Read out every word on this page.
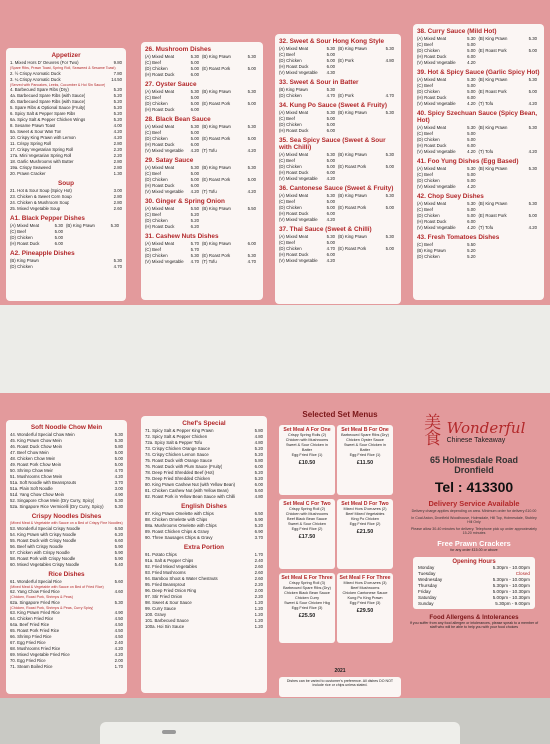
Appetizer
1. Mixed Hors D' Oeuvres (For Two)	9.80
(Spare Ribs, Prawn Toast, Spring Roll, Seaweed & Sesame Toast)
2. ½ Crispy Aromatic Duck	7.80
3. ¼ Crispy Aromatic Duck	14.50
(Served with Pancakes, Leeks, Cucumber & Hoi Sin Sauce)
4. Barbecued Spare Ribs (Dry)	5.20
4a. Barbecued Spare Ribs (with Sauce)	5.20
4b. Barbecued Spare Ribs (with Sauce)	5.20
5. Spare Ribs & Optional Sauce (Fruity)	5.20
6. Spicy Salt & Pepper Spare Ribs	5.20
6a. Spicy Salt & Pepper Chicken Wings	5.20
8. Sesame Prawn Toast	4.00
8a. Sweet & Sour Wan Ton	4.20
10. Crispy King Prawn with Lemon	4.20
11. Crispy Spring Roll	2.80
17. Crispy Vegetarian Spring Roll	2.20
17a. Mini Vegetarian Spring Roll	2.20
18. Garlic Mushrooms with Butter	2.80
19a. Crispy Seaweed	2.80
20. Prawn Cracker	1.30
Soup
21. Hot & Sour Soup (Spicy Hot)	3.00
23. Chicken & Sweet Corn Soup	2.80
24. Chicken & Mushroom Soup	2.80
25. Mixed Vegetable Soup	2.60
A1. Black Pepper Dishes
(A) Mixed Meat	5.30 (B) King Prawn	5.30
(C) Beef	5.00
(D) Chicken	5.00
(H) Roast Duck	6.00
A2. Pineapple Dishes
(B) King Prawn	5.30
(D) Chicken	4.70
26. Mushroom Dishes
(A) Mixed Meat	5.30 (B) King Prawn	5.30
(C) Beef	5.00
(D) Chicken	5.00 (E) Roast Pork	5.00
(H) Roast Duck	6.00
27. Oyster Sauce
(A) Mixed Meat	5.30 (B) King Prawn	5.30
(C) Beef	5.00
(D) Chicken	5.00 (E) Roast Pork	5.00
(H) Roast Duck	6.00
28. Black Bean Sauce
(A) Mixed Meat	5.30 (B) King Prawn	5.30
(C) Beef	5.00
(D) Chicken	5.00 (E) Roast Pork	5.00
(H) Roast Duck	6.00
(V) Mixed Vegetable 4.20 (T) Tofu	4.20
29. Satay Sauce
(A) Mixed Meat	5.30 (B) King Prawn	5.30
(C) Beef	5.00
(D) Chicken	5.00 (E) Roast Pork	5.00
(H) Roast Duck	6.00
(V) Mixed Vegetable 4.20 (T) Tofu	4.20
30. Ginger & Spring Onion
(A) Mixed Meat	5.50 (B) King Prawn	5.50
(C) Beef	5.20
(D) Chicken	5.20
(H) Roast Duck	6.20
31. Cashew Nuts Dishes
(A) Mixed Meat	5.70 (B) King Prawn	6.00
(C) Beef	5.70
(D) Chicken	5.30 (E) Roast Pork	5.30
(V) Mixed Vegetable 4.70 (T) Tofu	4.70
32. Sweet & Sour Hong Kong Style
(A) Mixed Meat	5.30 (B) King Prawn	5.30
(C) Beef	5.00
(D) Chicken	5.00 (E) Pork	4.80
(H) Roast Duck	6.00
(V) Mixed Vegetable 4.30
33. Sweet & Sour in Batter
(B) King Prawn	5.30
(D) Chicken	4.70 (E) Pork	4.70
34. Kung Po Sauce (Sweet & Fruity)
(A) Mixed Meat	5.30 (B) King Prawn	5.30
(C) Beef	5.00
(D) Chicken	5.00
(H) Roast Duck	6.00
35. Sea Spicy Sauce (Sweet & Sour with Chilli)
(A) Mixed Meat	5.30 (B) King Prawn	5.30
(C) Beef	5.00
(D) Chicken	5.00 (E) Roast Pork	5.00
(H) Roast Duck	6.00
(V) Mixed Vegetable 4.20
36. Cantonese Sauce (Sweet & Fruity)
(A) Mixed Meat	5.30 (B) King Prawn	5.30
(C) Beef	5.00
(D) Chicken	5.00 (E) Roast Pork	5.00
(H) Roast Duck	6.00
(V) Mixed Vegetable 4.20
37. Thai Sauce (Sweet & Chilli)
(A) Mixed Meat	5.30 (B) King Prawn	5.30
(C) Beef	5.00
(D) Chicken	4.70 (E) Roast Pork	5.00
(H) Roast Duck	6.00
(V) Mixed Vegetable 4.20
38. Curry Sauce (Mild Hot)
(A) Mixed Meat	5.30 (B) King Prawn	5.30
(C) Beef	5.00
(D) Chicken	5.00 (E) Roast Pork	5.00
(H) Roast Duck	6.00
(V) Mixed Vegetable	4.20
39. Hot & Spicy Sauce (Garlic Spicy Hot)
(A) Mixed Meat	5.30 (B) King Prawn	5.30
(C) Beef	5.00
(D) Chicken	5.00 (E) Roast Pork	5.00
(H) Roast Duck	6.00
(V) Mixed Vegetable	4.20 (T) Tofu	4.20
40. Spicy Szechuan Sauce (Spicy Bean, Hot)
(A) Mixed Meat	5.30 (B) King Prawn	5.30
(C) Beef	5.00
(D) Chicken	5.00
(H) Roast Duck	6.00
(V) Mixed Vegetable	4.20 (T) Tofu	4.20
41. Foo Yung Dishes (Egg Based)
(A) Mixed Meat	5.30 (B) King Prawn	5.30
(C) Beef	5.00
(D) Chicken	5.00
(V) Mixed Vegetable	4.20
42. Chop Suey Dishes
(A) Mixed Meat	5.30 (B) King Prawn	5.30
(C) Beef	5.00
(D) Chicken	5.00 (E) Roast Pork	5.00
(H) Roast Duck	6.00
(V) Mixed Vegetable	4.20 (T) Tofu	4.20
43. Fresh Tomatoes Dishes
(C) Beef	5.50
(B) King Prawn	5.20
(D) Chicken	5.20
Soft Noodle Chow Mein
44. Wonderful Special Chow Mein	5.30
45. King Prawn Chow Mein	5.30
46. Roast Duck Chow Mein	5.80
47. Beef Chow Mein	5.00
48. Chicken Chow Mein	5.00
49. Roast Pork Chow Mein	5.00
50. Shrimp Chow Mein	4.70
51. Mushrooms Chow Mein	4.20
51a. Soft Noodle with Beansprouts	3.70
51a. Plain Soft Noodle	3.00
51d. Yang Chow Chow Mein	4.90
52. Singapore Chow Mein (Dry Curry, Spicy)	5.30
52a. Singapore Rice Vermicelli (Dry Curry, Spicy)	5.30
Crispy Noodles Dishes
(Mixed Meat & Vegetable with Sauce on a Bed of Crispy Fine Noodles)
53. Wonderful Special Crispy Noodle	6.50
54. King Prawn with Crispy Noodle	6.20
55. Roast Duck with Crispy Noodle	6.60
56. Beef with Crispy Noodle	5.90
57. Chicken with Crispy Noodle	5.90
58. Roast Pork with Crispy Noodle	5.90
60. Mixed Vegetables Crispy Noodle	5.40
Rice Dishes
61. Wonderful Special Rice	5.60
(Mixed Meat & Vegetable with Sauce on Bed of Fried Rice)
62. Yang Chow Fried Rice	4.60
(Chicken, Roast Pork, Shrimps & Peas)
62a. Singapore Fried Rice	5.30
(Chicken, Roast Pork, Shrimps & Peas, Curry Spicy)
63. King Prawn Fried Rice	4.90
64. Chicken Fried Rice	4.50
64a. Beef Fried Rice	4.50
65. Roast Pork Fried Rice	4.50
66. Shrimp Fried Rice	4.50
67. Egg Fried Rice	2.40
68. Mushrooms Fried Rice	4.20
69. Mixed Vegetable Fried Rice	4.20
70. Egg Fried Rice	2.00
71. Steam Boiled Rice	1.70
Chef's Special
71. Spicy Salt & Pepper King Prawn	5.80
72. Spicy Salt & Pepper Chicken	4.80
72a. Spicy Salt & Pepper Tofu	4.80
73. Crispy Chicken Orange Sauce	5.20
74. Crispy Chicken Lemon Sauce	5.20
75. Roast Duck with Orange Sauce	5.80
76. Roast Duck with Plum Sauce (Fruity)	6.00
78. Deep Fried Shredded Beef (Hot)	5.20
79. Deep Fried Shredded Chicken	5.20
80. King Prawn Cashew Nut (with Yellow Bean)	6.00
81. Chicken Cashew Nut (with Yellow Bean)	5.60
82. Roast Pork in Yellow Bean Sauce with Chilli	4.80
English Dishes
87. King Prawn Omelette with Chips	6.50
88. Chicken Omelette with Chips	5.90
88a. Mushrooms Omelette with Chips	5.20
89. Roast Chicken Chips & Gravy	6.90
90. Three Sausages Chips & Gravy	3.70
Extra Portion
91. Potato Chips	1.70
91a. Salt & Pepper Chips	2.40
92. Fried Mixed Vegetables	2.60
93. Fried Mushrooms	2.60
94. Bamboo Shoot & Water Chestnuts	2.60
95. Fried Beansprout	2.20
96. Deep Fried Onion Ring	2.00
97. Stir Fried Onion	2.20
98. Sweet & Sour Sauce	1.20
99. Curry Sauce	1.20
100. Gravy	1.20
101. Barbecued Sauce	1.20
100a. Hoi Sin Sauce	1.20
Selected Set Menus
Set Meal A For One
Crispy Spring Rolls (2)
Chicken with Mushrooms
Sweet & Sour Chicken in Batter
Egg Fried Rice (1)
£10.50
Set Meal B For One
Barbecued Spare Ribs (Dry)
Chicken Oyster Sauce
Sweet & Sour Chicken in Batter
Egg Fried Rice (1)
£11.50
Set Meal C For Two
Crispy Spring Roll (2)
Chicken with Mushrooms
Beef Black Bean Sauce
Sweet & Sour Chicken
Egg Fried Rice (2)
£17.50
Set Meal D For Two
Mixed Hors D'oeuvres (2)
Beef Mixed Vegetables
King Po Chicken
Egg Fried Rice (2)
£21.50
Set Meal E For Three
Crispy Spring Roll (3)
Barbecued Spare Ribs (Dry)
Chicken Black Bean Sauce
Chicken Curry
Sweet & Sour Chicken Hkg
Egg Fried Rice (3)
£25.50
Set Meal F For Three
Mixed Hors D'oeuvres (3)
Beef Mushrooms
Chicken Cantonese Sauce
Kung Po King Prawn
Egg Fried Rice (3)
£29.50
Dishes can be varied to customer's preference. All dishes DO NOT include rice or chips unless stated.
2021
美食
Wonderful
Chinese Takeaway
65 Holmesdale Road
Dronfield
Tel : 413300
Delivery Service Available
Delivery charge applies depending on area. Minimum order for delivery £10.00
In Coal Aston, Dronfield Woodhouse, Holmsdale, Hill Top, Holmesdale, Stubley Hill Only
Please allow 30-40 minutes for delivery. Telephone pick up order approximately 15-20 minutes
Free Prawn Crackers
for any order £15.00 or above
Opening Hours
Monday	5.30pm - 10.00pm
Tuesday	Closed
Wednesday	5.30pm - 10.00pm
Thursday	5.30pm - 10.00pm
Friday	5.00pm - 10.30pm
Saturday	5.00pm - 10.30pm
Sunday	5.30pm - 9.00pm
Food Allergens & Intolerances
If you suffer from any food allergen or intolerances, please speak to a member of staff who will be able to help you with your food choices
